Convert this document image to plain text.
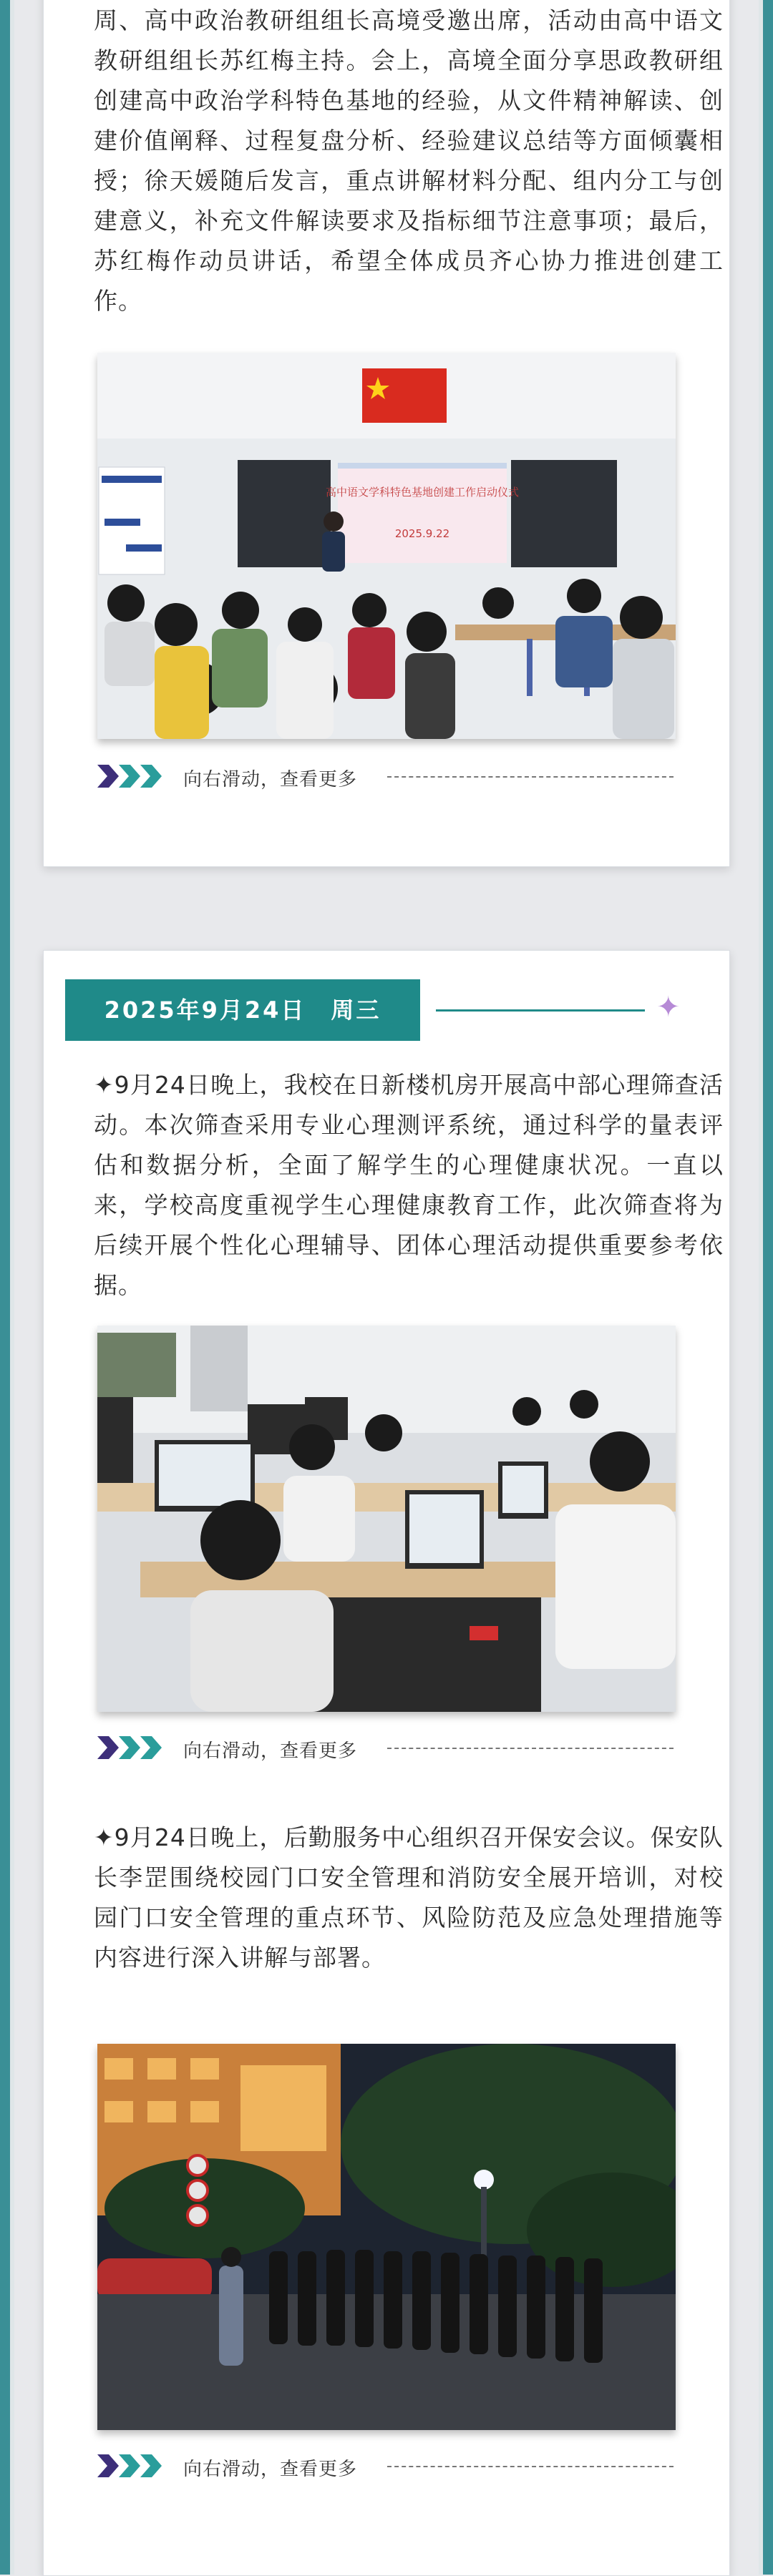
周、高中政治教研组组长高境受邀出席，活动由高中语文教研组组长苏红梅主持。会上，高境全面分享思政教研组创建高中政治学科特色基地的经验，从文件精神解读、创建价值阐释、过程复盘分析、经验建议总结等方面倾囊相授；徐天媛随后发言，重点讲解材料分配、组内分工与创建意义，补充文件解读要求及指标细节注意事项；最后，苏红梅作动员讲话，希望全体成员齐心协力推进创建工作。

高中语文学科特色基地创建工作启动仪式
2025.9.22
向右滑动，查看更多
2025年9月24日　周三	✦

✦9月24日晚上，我校在日新楼机房开展高中部心理筛查活动。本次筛查采用专业心理测评系统，通过科学的量表评估和数据分析，全面了解学生的心理健康状况。一直以来，学校高度重视学生心理健康教育工作，此次筛查将为后续开展个性化心理辅导、团体心理活动提供重要参考依据。

向右滑动，查看更多

✦9月24日晚上，后勤服务中心组织召开保安会议。保安队长李罡围绕校园门口安全管理和消防安全展开培训，对校园门口安全管理的重点环节、风险防范及应急处理措施等内容进行深入讲解与部署。

向右滑动，查看更多
